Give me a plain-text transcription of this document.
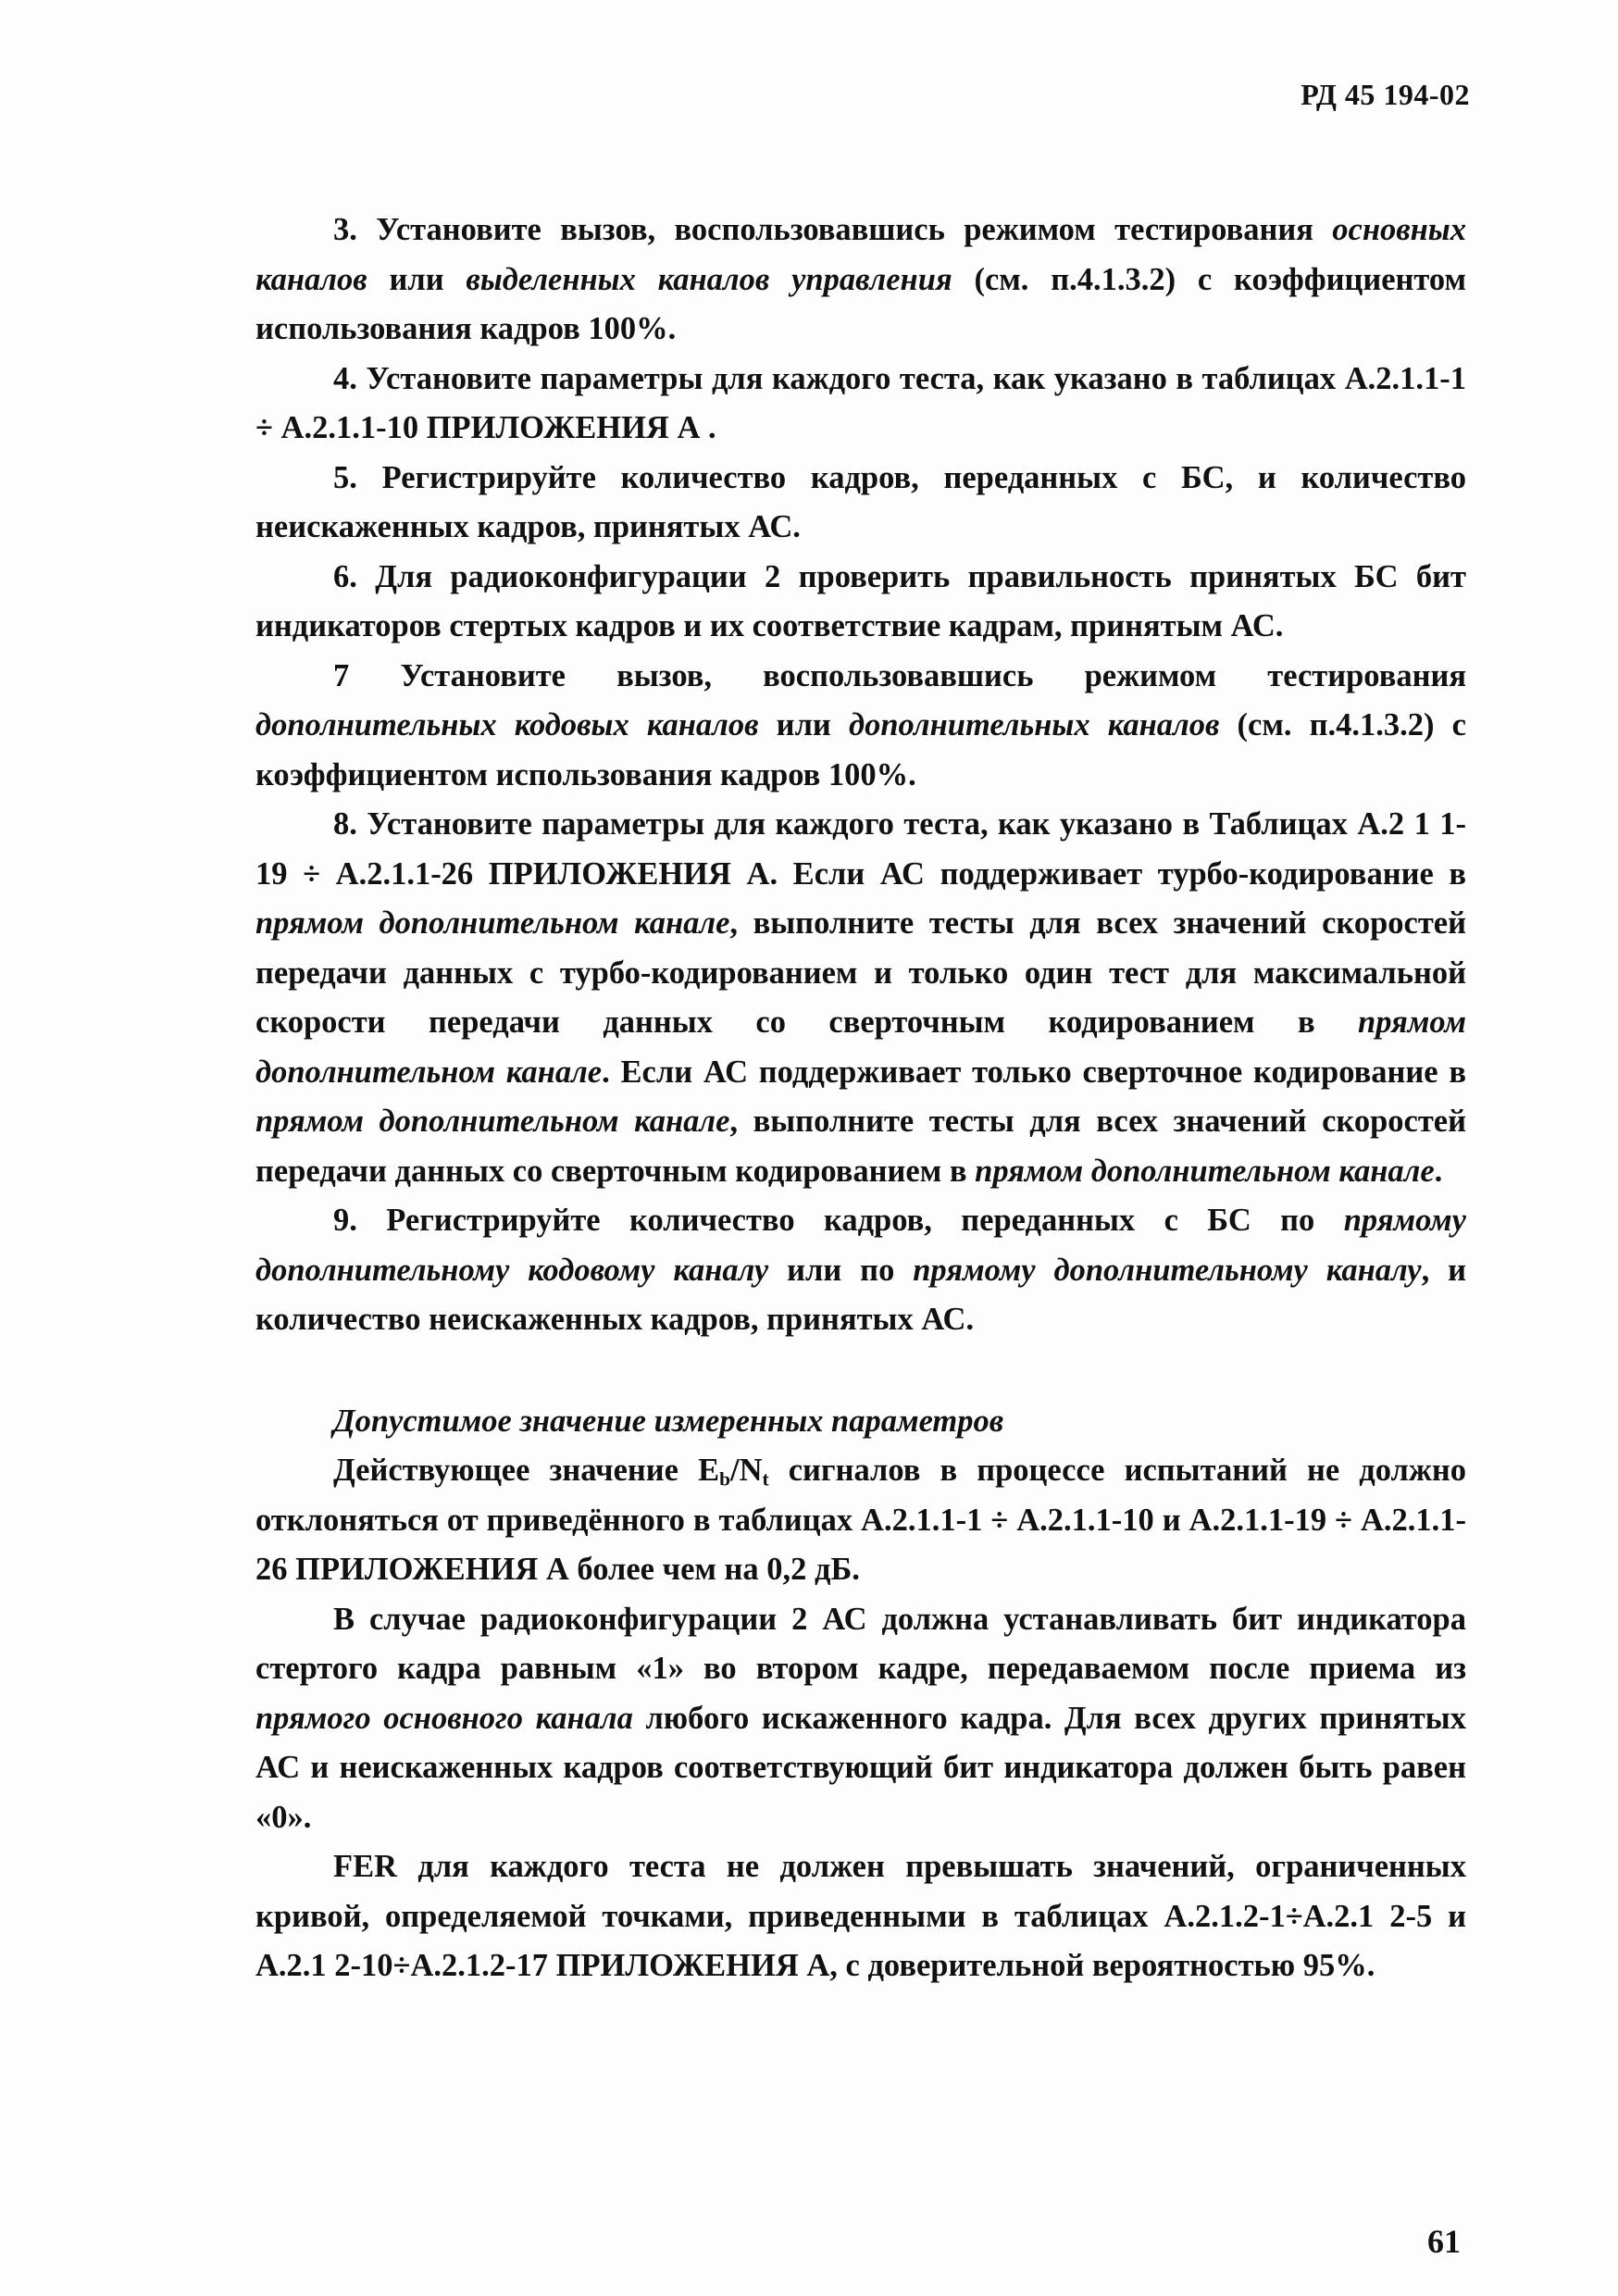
РД 45 194-02

3. Установите вызов, воспользовавшись режимом тестирования основных каналов или выделенных каналов управления (см. п.4.1.3.2) с коэффициентом использования кадров 100%.

4. Установите параметры для каждого теста, как указано в таблицах А.2.1.1-1 ÷ А.2.1.1-10 ПРИЛОЖЕНИЯ А .

5. Регистрируйте количество кадров, переданных с БС, и количество неискаженных кадров, принятых АС.

6. Для радиоконфигурации 2 проверить правильность принятых БС бит индикаторов стертых кадров и их соответствие кадрам, принятым АС.

7 Установите вызов, воспользовавшись режимом тестирования дополнительных кодовых каналов или дополнительных каналов (см. п.4.1.3.2) с коэффициентом использования кадров 100%.

8. Установите параметры для каждого теста, как указано в Таблицах А.2 1 1-19 ÷ А.2.1.1-26 ПРИЛОЖЕНИЯ А. Если АС поддерживает турбо-кодирование в прямом дополнительном канале, выполните тесты для всех значений скоростей передачи данных с турбо-кодированием и только один тест для максимальной скорости передачи данных со сверточным кодированием в прямом дополнительном канале. Если АС поддерживает только сверточное кодирование в прямом дополнительном канале, выполните тесты для всех значений скоростей передачи данных со сверточным кодированием в прямом дополнительном канале.

9. Регистрируйте количество кадров, переданных с БС по прямому дополнительному кодовому каналу или по прямому дополнительному каналу, и количество неискаженных кадров, принятых АС.

Допустимое значение измеренных параметров

Действующее значение $E_b/N_t$ сигналов в процессе испытаний не должно отклоняться от приведённого в таблицах А.2.1.1-1 ÷ А.2.1.1-10 и А.2.1.1-19 ÷ А.2.1.1-26 ПРИЛОЖЕНИЯ А более чем на 0,2 дБ.

В случае радиоконфигурации 2 АС должна устанавливать бит индикатора стертого кадра равным «1» во втором кадре, передаваемом после приема из прямого основного канала любого искаженного кадра. Для всех других принятых АС и неискаженных кадров соответствующий бит индикатора должен быть равен «0».

FER для каждого теста не должен превышать значений, ограниченных кривой, определяемой точками, приведенными в таблицах А.2.1.2-1÷А.2.1 2-5 и А.2.1 2-10÷А.2.1.2-17 ПРИЛОЖЕНИЯ А, с доверительной вероятностью 95%.

61
